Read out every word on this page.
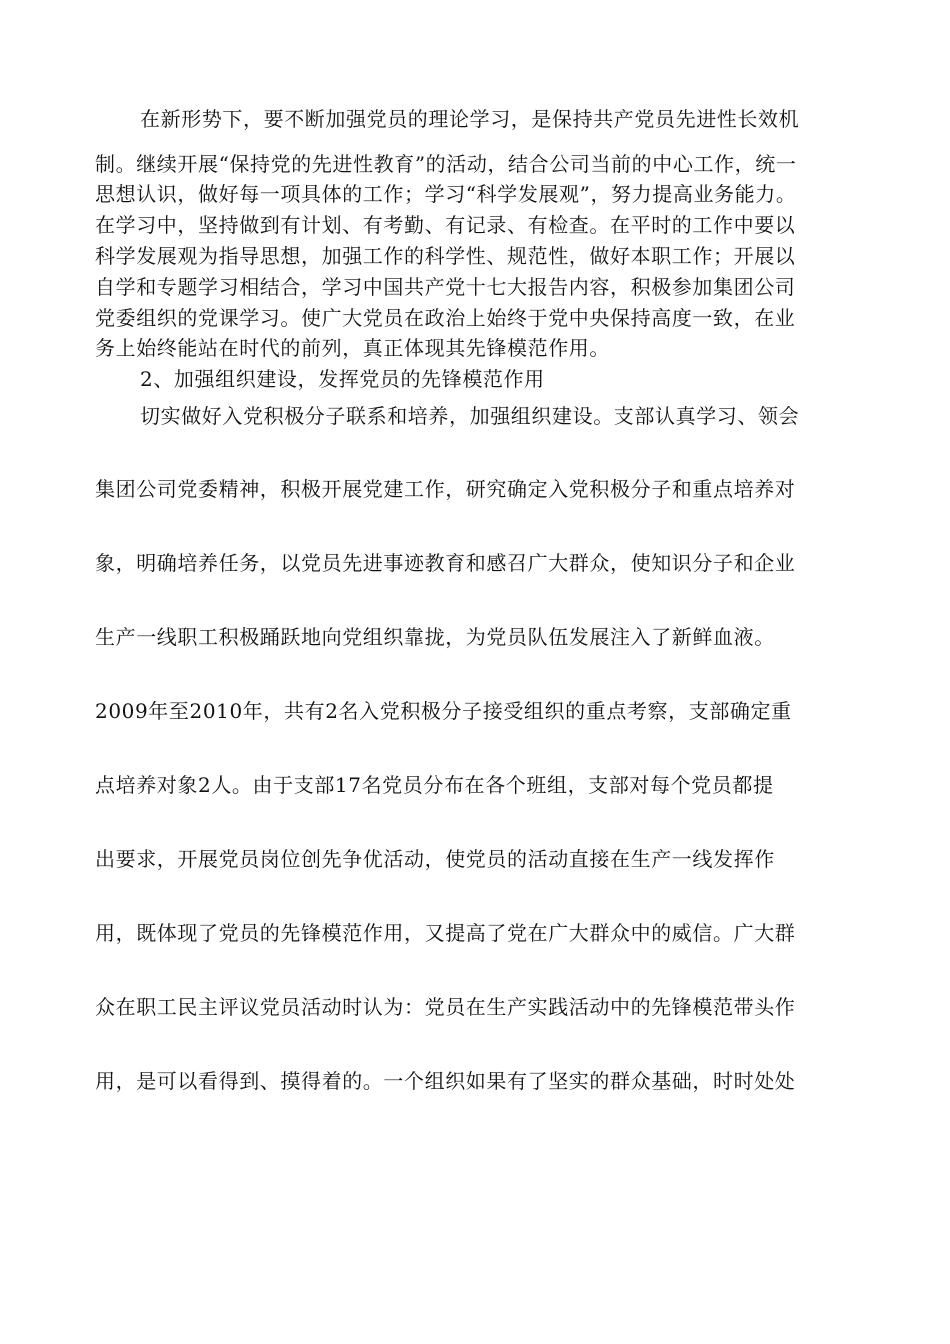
在新形势下，要不断加强党员的理论学习，是保持共产党员先进性长效机
制。继续开展“保持党的先进性教育”的活动，结合公司当前的中心工作，统一
思想认识，做好每一项具体的工作；学习“科学发展观”，努力提高业务能力。
在学习中，坚持做到有计划、有考勤、有记录、有检查。在平时的工作中要以
科学发展观为指导思想，加强工作的科学性、规范性，做好本职工作；开展以
自学和专题学习相结合，学习中国共产党十七大报告内容，积极参加集团公司
党委组织的党课学习。使广大党员在政治上始终于党中央保持高度一致，在业
务上始终能站在时代的前列，真正体现其先锋模范作用。
2、加强组织建设，发挥党员的先锋模范作用
切实做好入党积极分子联系和培养，加强组织建设。支部认真学习、领会
集团公司党委精神，积极开展党建工作，研究确定入党积极分子和重点培养对
象，明确培养任务，以党员先进事迹教育和感召广大群众，使知识分子和企业
生产一线职工积极踊跃地向党组织靠拢，为党员队伍发展注入了新鲜血液。
2009年至2010年，共有2名入党积极分子接受组织的重点考察，支部确定重
点培养对象2人。由于支部17名党员分布在各个班组，支部对每个党员都提
出要求，开展党员岗位创先争优活动，使党员的活动直接在生产一线发挥作
用，既体现了党员的先锋模范作用，又提高了党在广大群众中的威信。广大群
众在职工民主评议党员活动时认为：党员在生产实践活动中的先锋模范带头作
用，是可以看得到、摸得着的。一个组织如果有了坚实的群众基础，时时处处
